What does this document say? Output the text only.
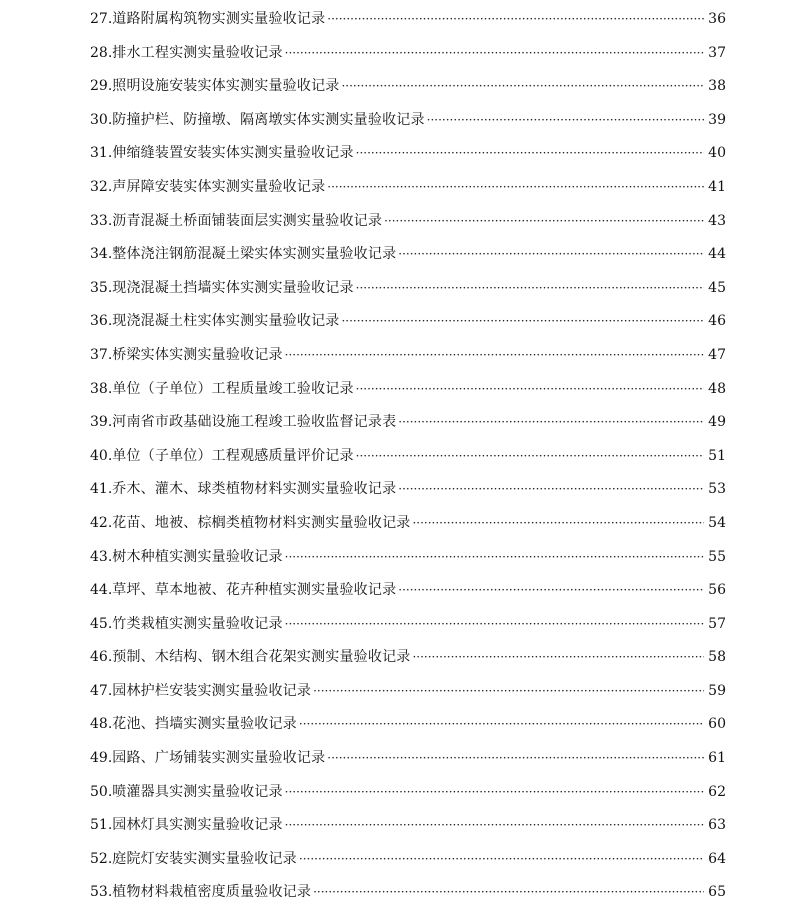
27. 道路附属构筑物实测实量验收记录 ·····	36
28. 排水工程实测实量验收记录 ·····	37
29. 照明设施安装实体实测实量验收记录 ·····	38
30. 防撞护栏、防撞墩、隔离墩实体实测实量验收记录 ·····	39
31. 伸缩缝装置安装实体实测实量验收记录 ·····	40
32. 声屏障安装实体实测实量验收记录 ·····	41
33. 沥青混凝土桥面铺装面层实测实量验收记录 ·····	43
34. 整体浇注钢筋混凝土梁实体实测实量验收记录 ·····	44
35. 现浇混凝土挡墙实体实测实量验收记录 ·····	45
36. 现浇混凝土柱实体实测实量验收记录 ·····	46
37. 桥梁实体实测实量验收记录 ·····	47
38. 单位（子单位）工程质量竣工验收记录 ·····	48
39. 河南省市政基础设施工程竣工验收监督记录表 ·····	49
40. 单位（子单位）工程观感质量评价记录 ·····	51
41. 乔木、灌木、球类植物材料实测实量验收记录 ·····	53
42. 花苗、地被、棕榈类植物材料实测实量验收记录 ·····	54
43. 树木种植实测实量验收记录 ·····	55
44. 草坪、草本地被、花卉种植实测实量验收记录 ·····	56
45. 竹类栽植实测实量验收记录 ·····	57
46. 预制、木结构、钢木组合花架实测实量验收记录 ·····	58
47. 园林护栏安装实测实量验收记录 ·····	59
48. 花池、挡墙实测实量验收记录 ·····	60
49. 园路、广场铺装实测实量验收记录 ·····	61
50. 喷灌器具实测实量验收记录 ·····	62
51. 园林灯具实测实量验收记录 ·····	63
52. 庭院灯安装实测实量验收记录 ·····	64
53. 植物材料栽植密度质量验收记录 ·····	65
